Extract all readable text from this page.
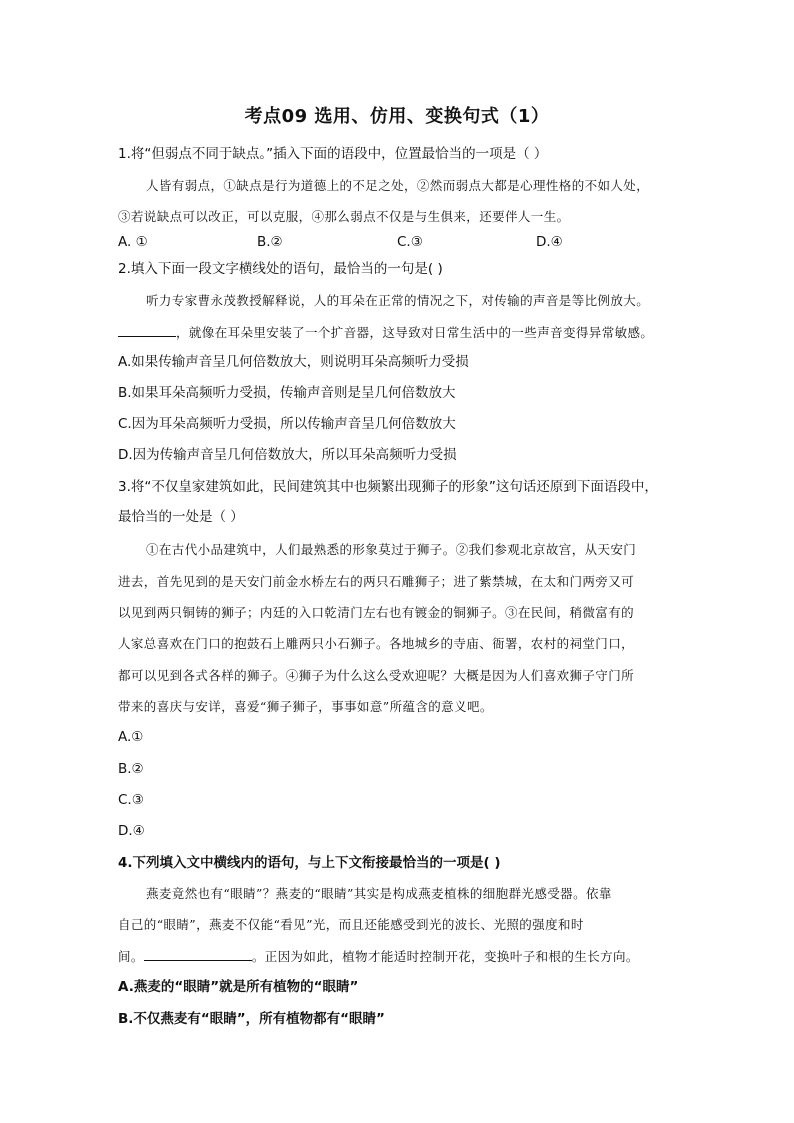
考点09 选用、仿用、变换句式（1）
1.将“但弱点不同于缺点。”插入下面的语段中，位置最恰当的一项是（ ）
人皆有弱点，①缺点是行为道德上的不足之处，②然而弱点大都是心理性格的不如人处，
③若说缺点可以改正，可以克服，④那么弱点不仅是与生俱来，还要伴人一生。
A. ①	B.②	C.③	D.④
2.填入下面一段文字横线处的语句，最恰当的一句是( )
听力专家曹永茂教授解释说，人的耳朵在正常的情况之下，对传输的声音是等比例放大。
，就像在耳朵里安装了一个扩音器，这导致对日常生活中的一些声音变得异常敏感。
A.如果传输声音呈几何倍数放大，则说明耳朵高频听力受损
B.如果耳朵高频听力受损，传输声音则是呈几何倍数放大
C.因为耳朵高频听力受损，所以传输声音呈几何倍数放大
D.因为传输声音呈几何倍数放大，所以耳朵高频听力受损
3.将“不仅皇家建筑如此，民间建筑其中也频繁出现狮子的形象”这句话还原到下面语段中，
最恰当的一处是（ ）
①在古代小品建筑中，人们最熟悉的形象莫过于狮子。②我们参观北京故宫，从天安门
进去，首先见到的是天安门前金水桥左右的两只石雕狮子；进了紫禁城，在太和门两旁又可
以见到两只铜铸的狮子；内廷的入口乾清门左右也有镀金的铜狮子。③在民间，稍微富有的
人家总喜欢在门口的抱鼓石上雕两只小石狮子。各地城乡的寺庙、衙署，农村的祠堂门口，
都可以见到各式各样的狮子。④狮子为什么这么受欢迎呢？大概是因为人们喜欢狮子守门所
带来的喜庆与安详，喜爱“狮子狮子，事事如意”所蕴含的意义吧。
A.①
B.②
C.③
D.④
4.下列填入文中横线内的语句，与上下文衔接最恰当的一项是( )
燕麦竟然也有“眼睛”？燕麦的“眼睛”其实是构成燕麦植株的细胞群光感受器。依靠
自己的“眼睛”，燕麦不仅能“看见”光，而且还能感受到光的波长、光照的强度和时
间。	。正因为如此，植物才能适时控制开花，变换叶子和根的生长方向。
A.燕麦的“眼睛”就是所有植物的“眼睛”
B.不仅燕麦有“眼睛”，所有植物都有“眼睛”
